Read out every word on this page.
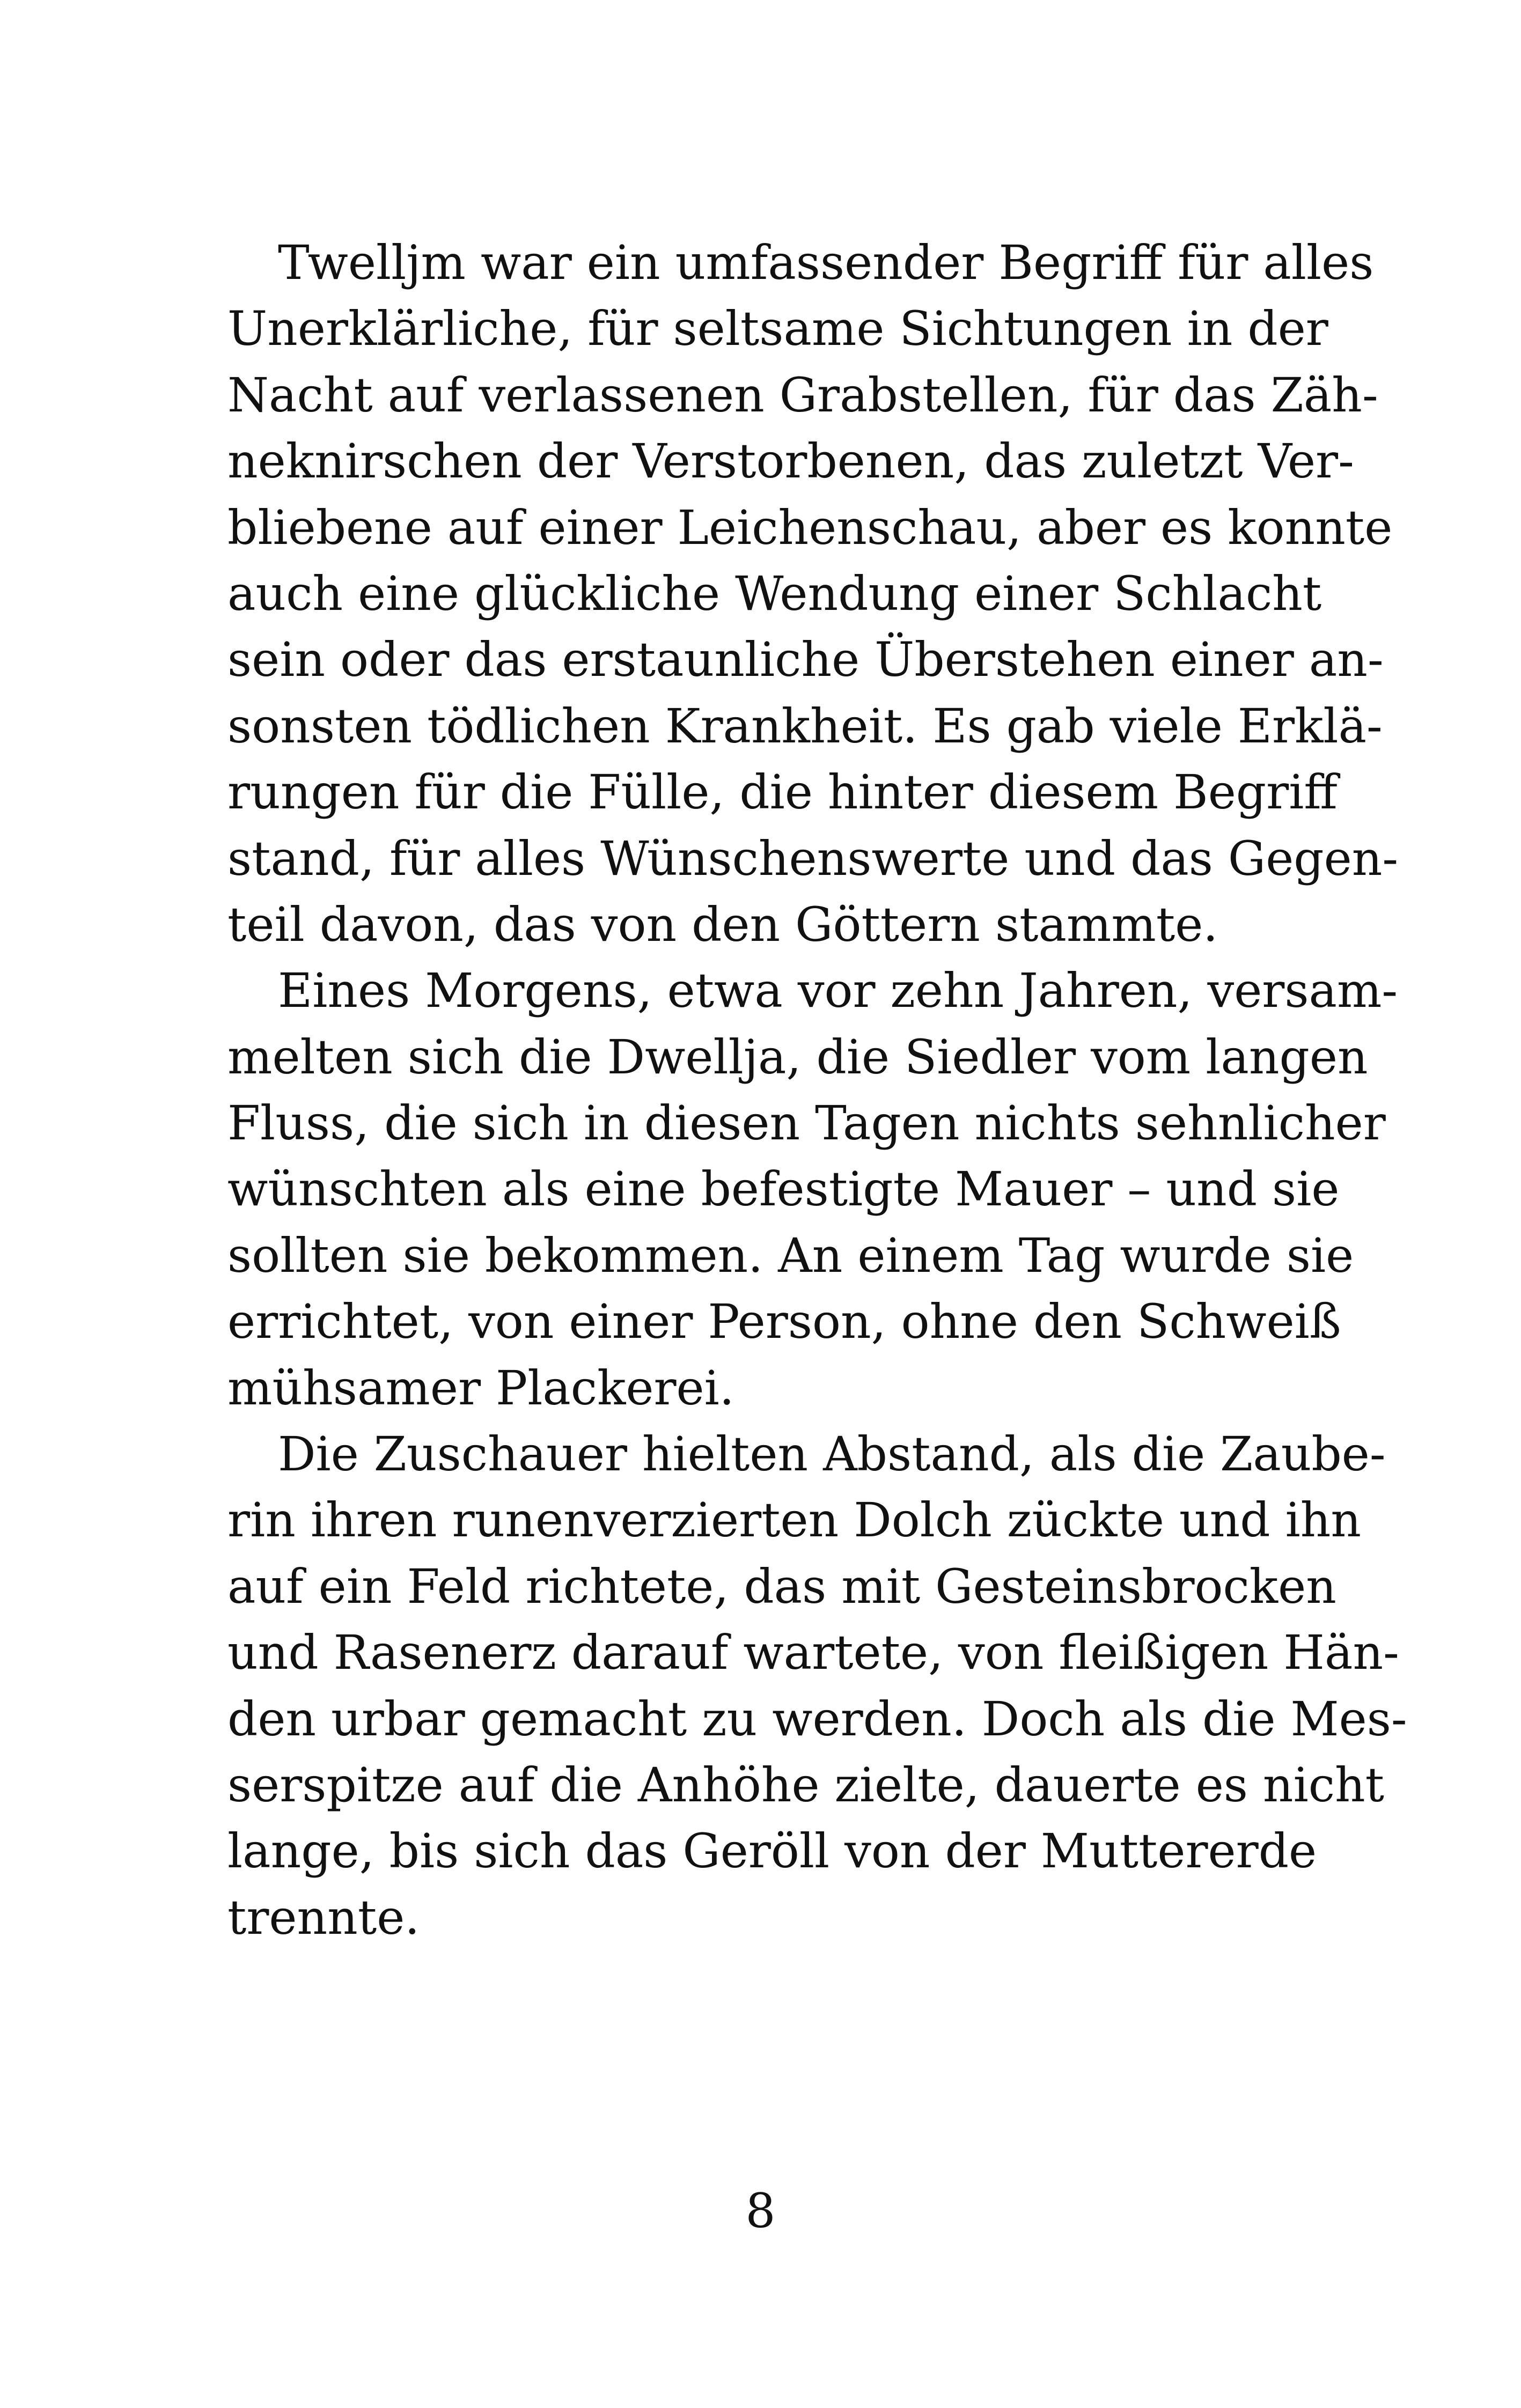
Twelljm war ein umfassender Begriff für alles
Unerklärliche, für seltsame Sichtungen in der
Nacht auf verlassenen Grabstellen, für das Zäh-
neknirschen der Verstorbenen, das zuletzt Ver-
bliebene auf einer Leichenschau, aber es konnte
auch eine glückliche Wendung einer Schlacht
sein oder das erstaunliche Überstehen einer an-
sonsten tödlichen Krankheit. Es gab viele Erklä-
rungen für die Fülle, die hinter diesem Begriff
stand, für alles Wünschenswerte und das Gegen-
teil davon, das von den Göttern stammte.
Eines Morgens, etwa vor zehn Jahren, versam-
melten sich die Dwellja, die Siedler vom langen
Fluss, die sich in diesen Tagen nichts sehnlicher
wünschten als eine befestigte Mauer – und sie
sollten sie bekommen. An einem Tag wurde sie
errichtet, von einer Person, ohne den Schweiß
mühsamer Plackerei.
Die Zuschauer hielten Abstand, als die Zaube-
rin ihren runenverzierten Dolch zückte und ihn
auf ein Feld richtete, das mit Gesteinsbrocken
und Rasenerz darauf wartete, von fleißigen Hän-
den urbar gemacht zu werden. Doch als die Mes-
serspitze auf die Anhöhe zielte, dauerte es nicht
lange, bis sich das Geröll von der Muttererde
trennte.
8
